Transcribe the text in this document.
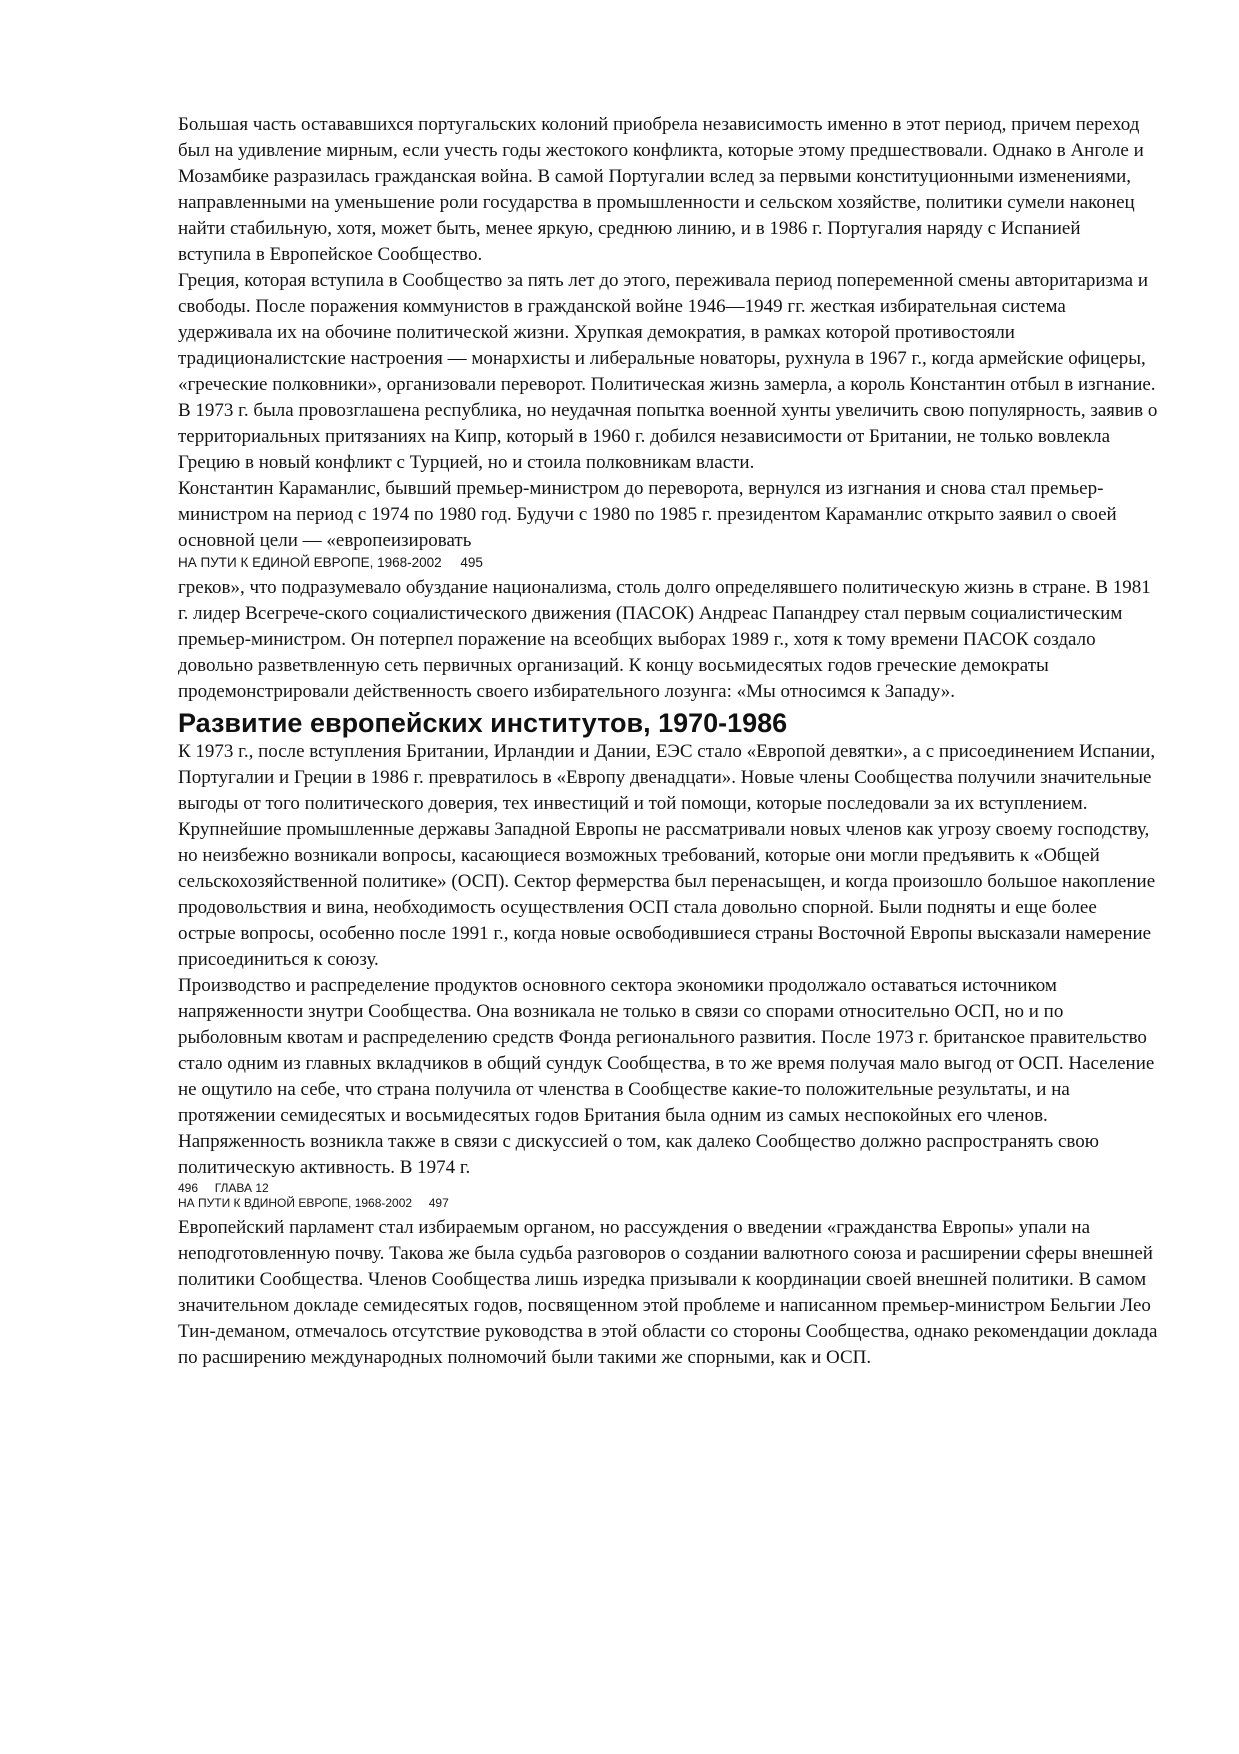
Большая часть остававшихся португальских колоний приобрела независимость именно в этот период, причем переход был на удивление мирным, если учесть годы жестокого конфликта, которые этому предшествовали. Однако в Анголе и Мозамбике разразилась гражданская война. В самой Португалии вслед за первыми конституционными изменениями, направленными на уменьшение роли государства в промышленности и сельском хозяйстве, политики сумели наконец найти стабильную, хотя, может быть, менее яркую, среднюю линию, и в 1986 г. Португалия наряду с Испанией вступила в Европейское Сообщество.

Греция, которая вступила в Сообщество за пять лет до этого, переживала период попеременной смены авторитаризма и свободы. После поражения коммунистов в гражданской войне 1946—1949 гг. жесткая избирательная система удерживала их на обочине политической жизни. Хрупкая демократия, в рамках которой противостояли традиционалистские настроения — монархисты и либеральные новаторы, рухнула в 1967 г., когда армейские офицеры, «греческие полковники», организовали переворот. Политическая жизнь замерла, а король Константин отбыл в изгнание. В 1973 г. была провозглашена республика, но неудачная попытка военной хунты увеличить свою популярность, заявив о территориальных притязаниях на Кипр, который в 1960 г. добился независимости от Британии, не только вовлекла Грецию в новый конфликт с Турцией, но и стоила полковникам власти.

Константин Караманлис, бывший премьер-министром до переворота, вернулся из изгнания и снова стал премьер-министром на период с 1974 по 1980 год. Будучи с 1980 по 1985 г. президентом Караманлис открыто заявил о своей основной цели — «европеизировать

НА ПУТИ К ЕДИНОЙ ЕВРОПЕ, 1968-2002     495

греков», что подразумевало обуздание национализма, столь долго определявшего политическую жизнь в стране. В 1981 г. лидер Всегрече-ского социалистического движения (ПАСОК) Андреас Папандреу стал первым социалистическим премьер-министром. Он потерпел поражение на всеобщих выборах 1989 г., хотя к тому времени ПАСОК создало довольно разветвленную сеть первичных организаций. К концу восьмидесятых годов греческие демократы продемонстрировали действенность своего избирательного лозунга: «Мы относимся к Западу».

Развитие европейских институтов, 1970-1986

К 1973 г., после вступления Британии, Ирландии и Дании, ЕЭС стало «Европой девятки», а с присоединением Испании, Португалии и Греции в 1986 г. превратилось в «Европу двенадцати». Новые члены Сообщества получили значительные выгоды от того политического доверия, тех инвестиций и той помощи, которые последовали за их вступлением. Крупнейшие промышленные державы Западной Европы не рассматривали новых членов как угрозу своему господству, но неизбежно возникали вопросы, касающиеся возможных требований, которые они могли предъявить к «Общей сельскохозяйственной политике» (ОСП). Сектор фермерства был перенасыщен, и когда произошло большое накопление продовольствия и вина, необходимость осуществления ОСП стала довольно спорной. Были подняты и еще более острые вопросы, особенно после 1991 г., когда новые освободившиеся страны Восточной Европы высказали намерение присоединиться к союзу.

Производство и распределение продуктов основного сектора экономики продолжало оставаться источником напряженности знутри Сообщества. Она возникала не только в связи со спорами относительно ОСП, но и по рыболовным квотам и распределению средств Фонда регионального развития. После 1973 г. британское правительство стало одним из главных вкладчиков в общий сундук Сообщества, в то же время получая мало выгод от ОСП. Население не ощутило на себе, что страна получила от членства в Сообществе какие-то положительные результаты, и на протяжении семидесятых и восьмидесятых годов Британия была одним из самых неспокойных его членов. Напряженность возникла также в связи с дискуссией о том, как далеко Сообщество должно распространять свою политическую активность. В 1974 г.

496     ГЛАВА 12
НА ПУТИ К ВДИНОЙ ЕВРОПЕ, 1968-2002     497

Европейский парламент стал избираемым органом, но рассуждения о введении «гражданства Европы» упали на неподготовленную почву. Такова же была судьба разговоров о создании валютного союза и расширении сферы внешней политики Сообщества. Членов Сообщества лишь изредка призывали к координации своей внешней политики. В самом значительном докладе семидесятых годов, посвященном этой проблеме и написанном премьер-министром Бельгии Лео Тин-деманом, отмечалось отсутствие руководства в этой области со стороны Сообщества, однако рекомендации доклада по расширению международных полномочий были такими же спорными, как и ОСП.
